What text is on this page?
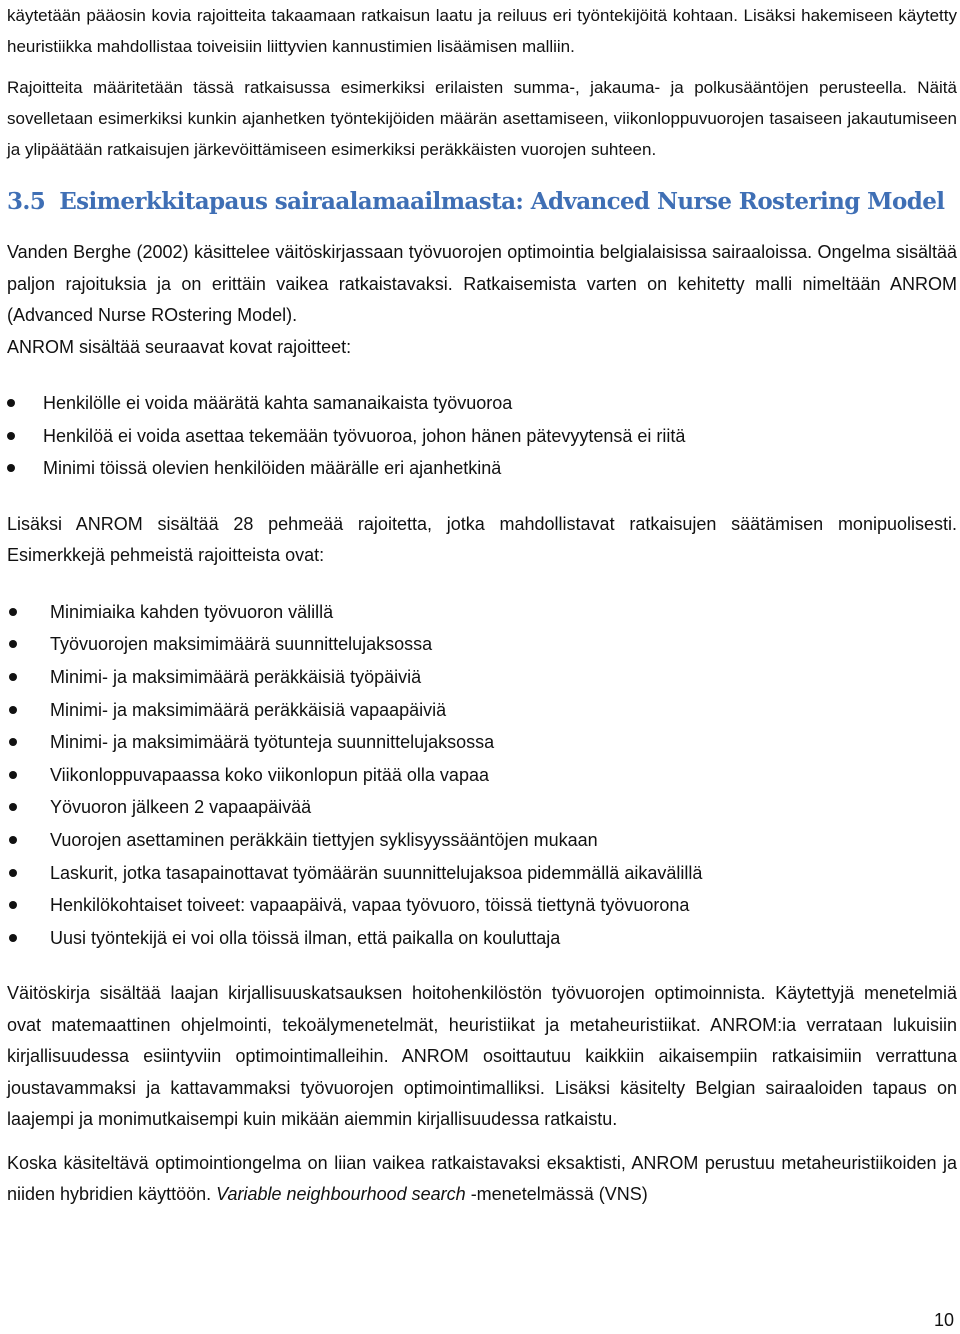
käytetään pääosin kovia rajoitteita takaamaan ratkaisun laatu ja reiluus eri työntekijöitä kohtaan. Lisäksi hakemiseen käytetty heuristiikka mahdollistaa toiveisiin liittyvien kannustimien lisäämisen malliin.

Rajoitteita määritetään tässä ratkaisussa esimerkiksi erilaisten summa-, jakauma- ja polkusääntöjen perusteella. Näitä sovelletaan esimerkiksi kunkin ajanhetken työntekijöiden määrän asettamiseen, viikonloppuvuorojen tasaiseen jakautumiseen ja ylipäätään ratkaisujen järkevöittämiseen esimerkiksi peräkkäisten vuorojen suhteen.

3.5 Esimerkkitapaus sairaalamaailmasta: Advanced Nurse Rostering Model

Vanden Berghe (2002) käsittelee väitöskirjassaan työvuorojen optimointia belgialaisissa sairaaloissa. Ongelma sisältää paljon rajoituksia ja on erittäin vaikea ratkaistavaksi. Ratkaisemista varten on kehitetty malli nimeltään ANROM (Advanced Nurse ROstering Model).

ANROM sisältää seuraavat kovat rajoitteet:

Henkilölle ei voida määrätä kahta samanaikaista työvuoroa
Henkilöä ei voida asettaa tekemään työvuoroa, johon hänen pätevyytensä ei riitä
Minimi töissä olevien henkilöiden määrälle eri ajanhetkinä

Lisäksi ANROM sisältää 28 pehmeää rajoitetta, jotka mahdollistavat ratkaisujen säätämisen monipuolisesti. Esimerkkejä pehmeistä rajoitteista ovat:

Minimiaika kahden työvuoron välillä
Työvuorojen maksimimäärä suunnittelujaksossa
Minimi- ja maksimimäärä peräkkäisiä työpäiviä
Minimi- ja maksimimäärä peräkkäisiä vapaapäiviä
Minimi- ja maksimimäärä työtunteja suunnittelujaksossa
Viikonloppuvapaassa koko viikonlopun pitää olla vapaa
Yövuoron jälkeen 2 vapaapäivää
Vuorojen asettaminen peräkkäin tiettyjen syklisyyssääntöjen mukaan
Laskurit, jotka tasapainottavat työmäärän suunnittelujaksoa pidemmällä aikavälillä
Henkilökohtaiset toiveet: vapaapäivä, vapaa työvuoro, töissä tiettynä työvuorona
Uusi työntekijä ei voi olla töissä ilman, että paikalla on kouluttaja

Väitöskirja sisältää laajan kirjallisuuskatsauksen hoitohenkilöstön työvuorojen optimoinnista. Käytettyjä menetelmiä ovat matemaattinen ohjelmointi, tekoälymenetelmät, heuristiikat ja metaheuristiikat. ANROM:ia verrataan lukuisiin kirjallisuudessa esiintyviin optimointimalleihin. ANROM osoittautuu kaikkiin aikaisempiin ratkaisimiin verrattuna joustavammaksi ja kattavammaksi työvuorojen optimointimalliksi. Lisäksi käsitelty Belgian sairaaloiden tapaus on laajempi ja monimutkaisempi kuin mikään aiemmin kirjallisuudessa ratkaistu.

Koska käsiteltävä optimointiongelma on liian vaikea ratkaistavaksi eksaktisti, ANROM perustuu metaheuristiikoiden ja niiden hybridien käyttöön. Variable neighbourhood search -menetelmässä (VNS)

10
